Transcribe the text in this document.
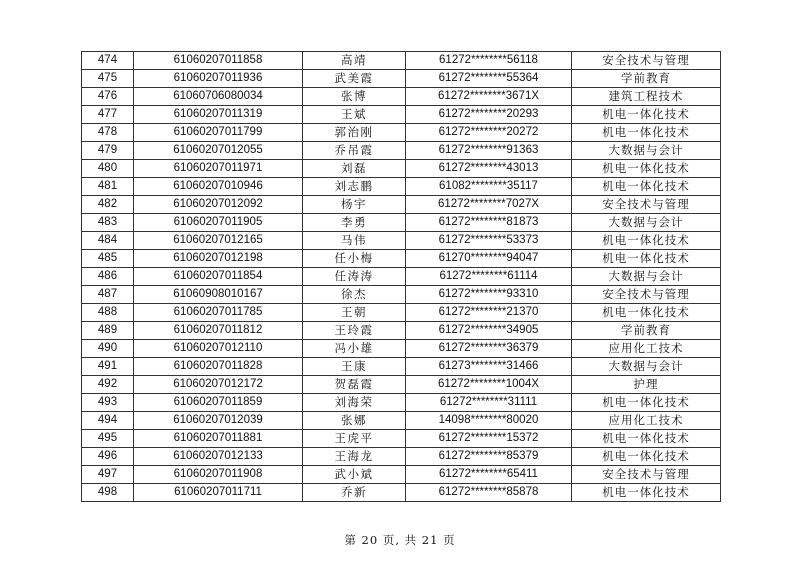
474	61060207011858	高靖	61272********56118	安全技术与管理
475	61060207011936	武美霞	61272********55364	学前教育
476	61060706080034	张博	61272********3671X	建筑工程技术
477	61060207011319	王斌	61272********20293	机电一体化技术
478	61060207011799	郭治刚	61272********20272	机电一体化技术
479	61060207012055	乔吊霞	61272********91363	大数据与会计
480	61060207011971	刘磊	61272********43013	机电一体化技术
481	61060207010946	刘志鹏	61082********35117	机电一体化技术
482	61060207012092	杨宇	61272********7027X	安全技术与管理
483	61060207011905	李勇	61272********81873	大数据与会计
484	61060207012165	马伟	61272********53373	机电一体化技术
485	61060207012198	任小梅	61270********94047	机电一体化技术
486	61060207011854	任涛涛	61272********61114	大数据与会计
487	61060908010167	徐杰	61272********93310	安全技术与管理
488	61060207011785	王朝	61272********21370	机电一体化技术
489	61060207011812	王玲霞	61272********34905	学前教育
490	61060207012110	冯小雄	61272********36379	应用化工技术
491	61060207011828	王康	61273********31466	大数据与会计
492	61060207012172	贺磊霞	61272********1004X	护理
493	61060207011859	刘海荣	61272********31111	机电一体化技术
494	61060207012039	张娜	14098********80020	应用化工技术
495	61060207011881	王虎平	61272********15372	机电一体化技术
496	61060207012133	王海龙	61272********85379	机电一体化技术
497	61060207011908	武小斌	61272********65411	安全技术与管理
498	61060207011711	乔新	61272********85878	机电一体化技术
第 20 页, 共 21 页
